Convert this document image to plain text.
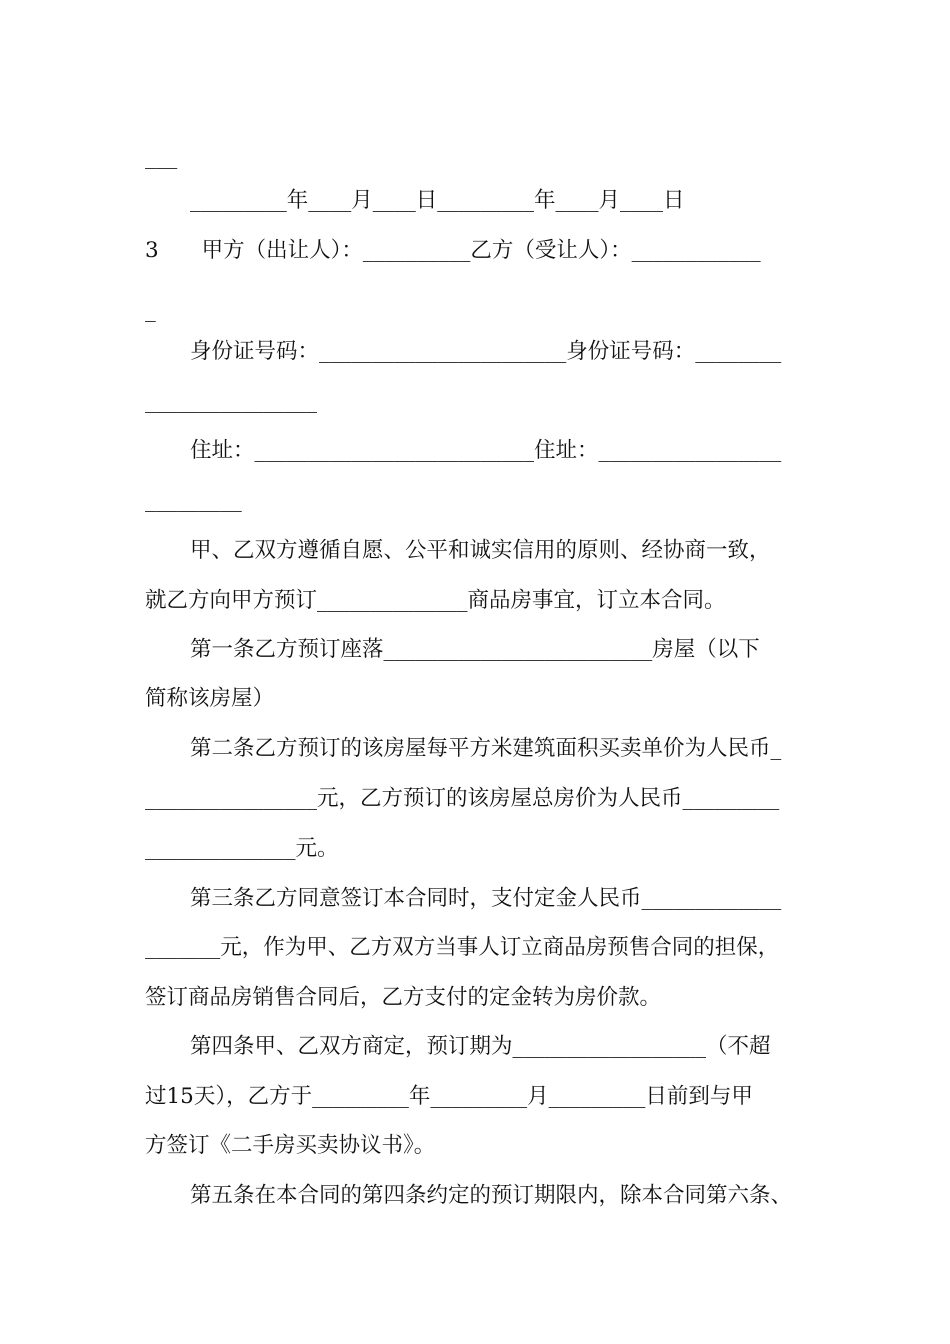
___

_________年____月____日_________年____月____日

3　　甲方（出让人）：__________乙方（受让人）：____________

_

身份证号码：_______________________身份证号码：________

________________

住址：__________________________住址：_________________

_________

甲、乙双方遵循自愿、公平和诚实信用的原则、经协商一致，

就乙方向甲方预订______________商品房事宜，订立本合同。

第一条乙方预订座落_________________________房屋（以下

简称该房屋）

第二条乙方预订的该房屋每平方米建筑面积买卖单价为人民币_

________________元，乙方预订的该房屋总房价为人民币_________

______________元。

第三条乙方同意签订本合同时，支付定金人民币_____________

_______元，作为甲、乙方双方当事人订立商品房预售合同的担保，

签订商品房销售合同后，乙方支付的定金转为房价款。

第四条甲、乙双方商定，预订期为__________________（不超

过15天），乙方于_________年_________月_________日前到与甲

方签订《二手房买卖协议书》。

第五条在本合同的第四条约定的预订期限内，除本合同第六条、
